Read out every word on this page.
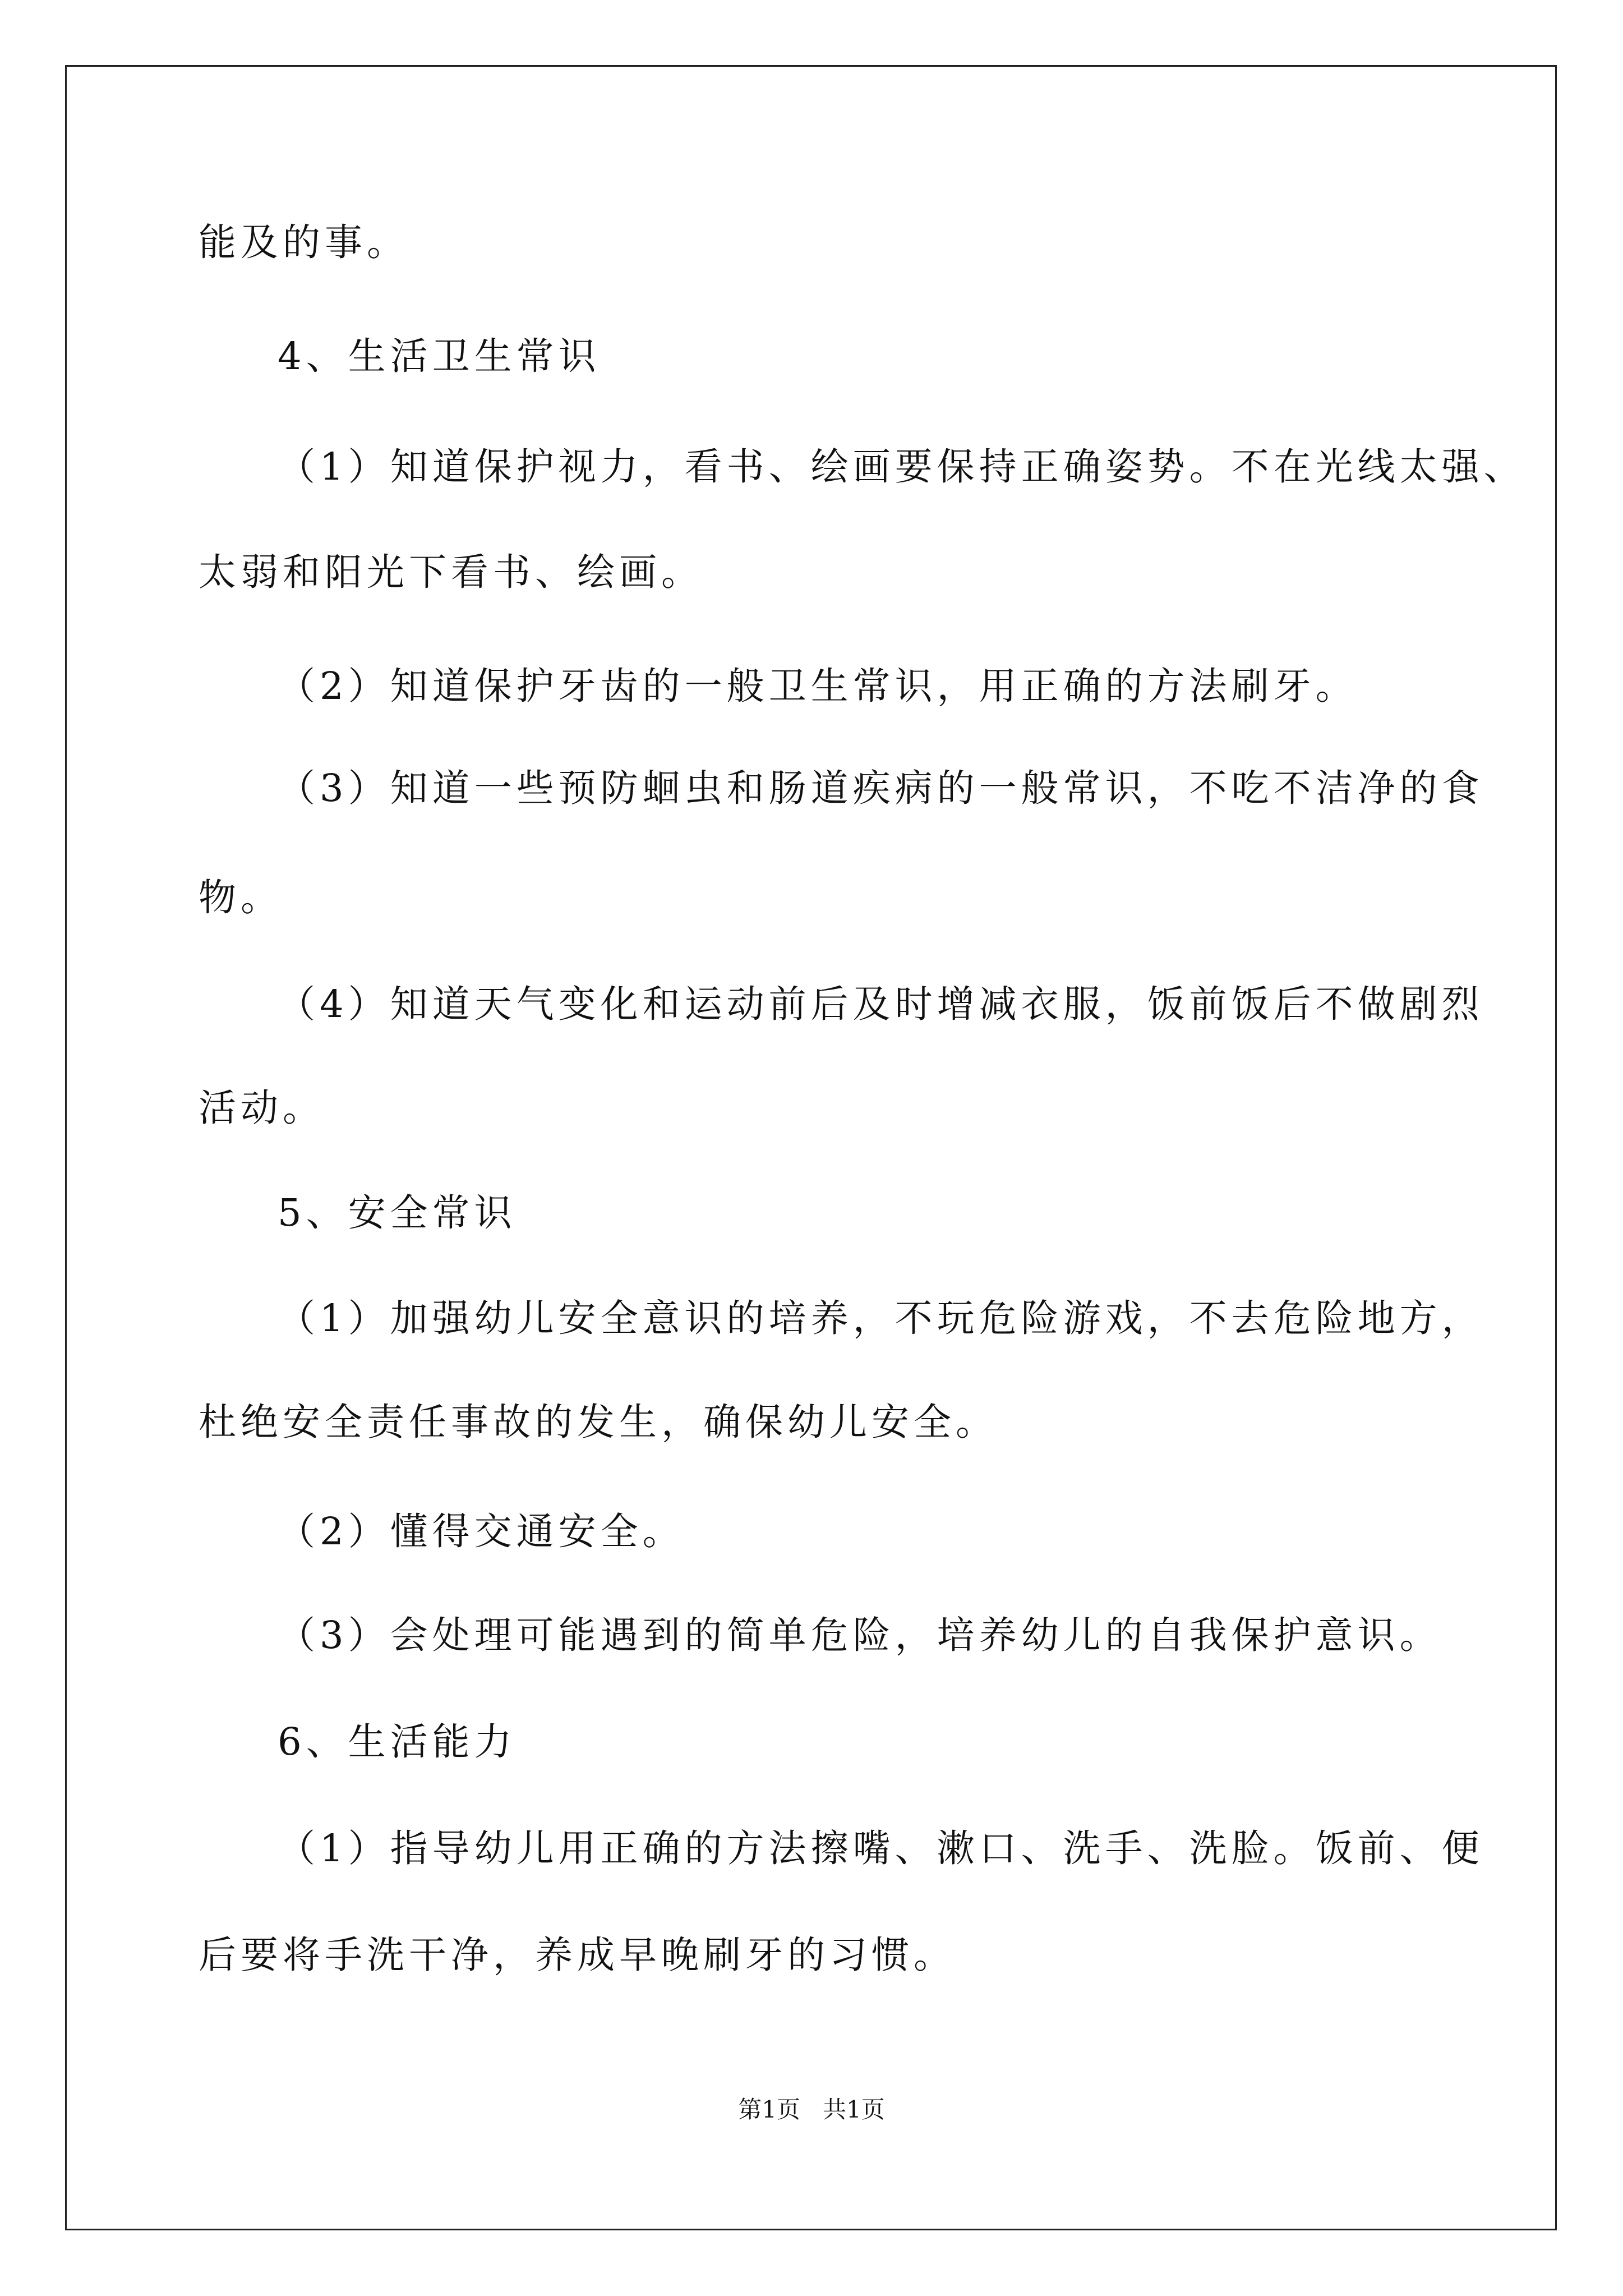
能及的事。
4、生活卫生常识
（1）知道保护视力，看书、绘画要保持正确姿势。不在光线太强、
太弱和阳光下看书、绘画。
（2）知道保护牙齿的一般卫生常识，用正确的方法刷牙。
（3）知道一些预防蛔虫和肠道疾病的一般常识，不吃不洁净的食
物。
（4）知道天气变化和运动前后及时增减衣服，饭前饭后不做剧烈
活动。
5、安全常识
（1）加强幼儿安全意识的培养，不玩危险游戏，不去危险地方，
杜绝安全责任事故的发生，确保幼儿安全。
（2）懂得交通安全。
（3）会处理可能遇到的简单危险，培养幼儿的自我保护意识。
6、生活能力
（1）指导幼儿用正确的方法擦嘴、漱口、洗手、洗脸。饭前、便
后要将手洗干净，养成早晚刷牙的习惯。
第1页   共1页
